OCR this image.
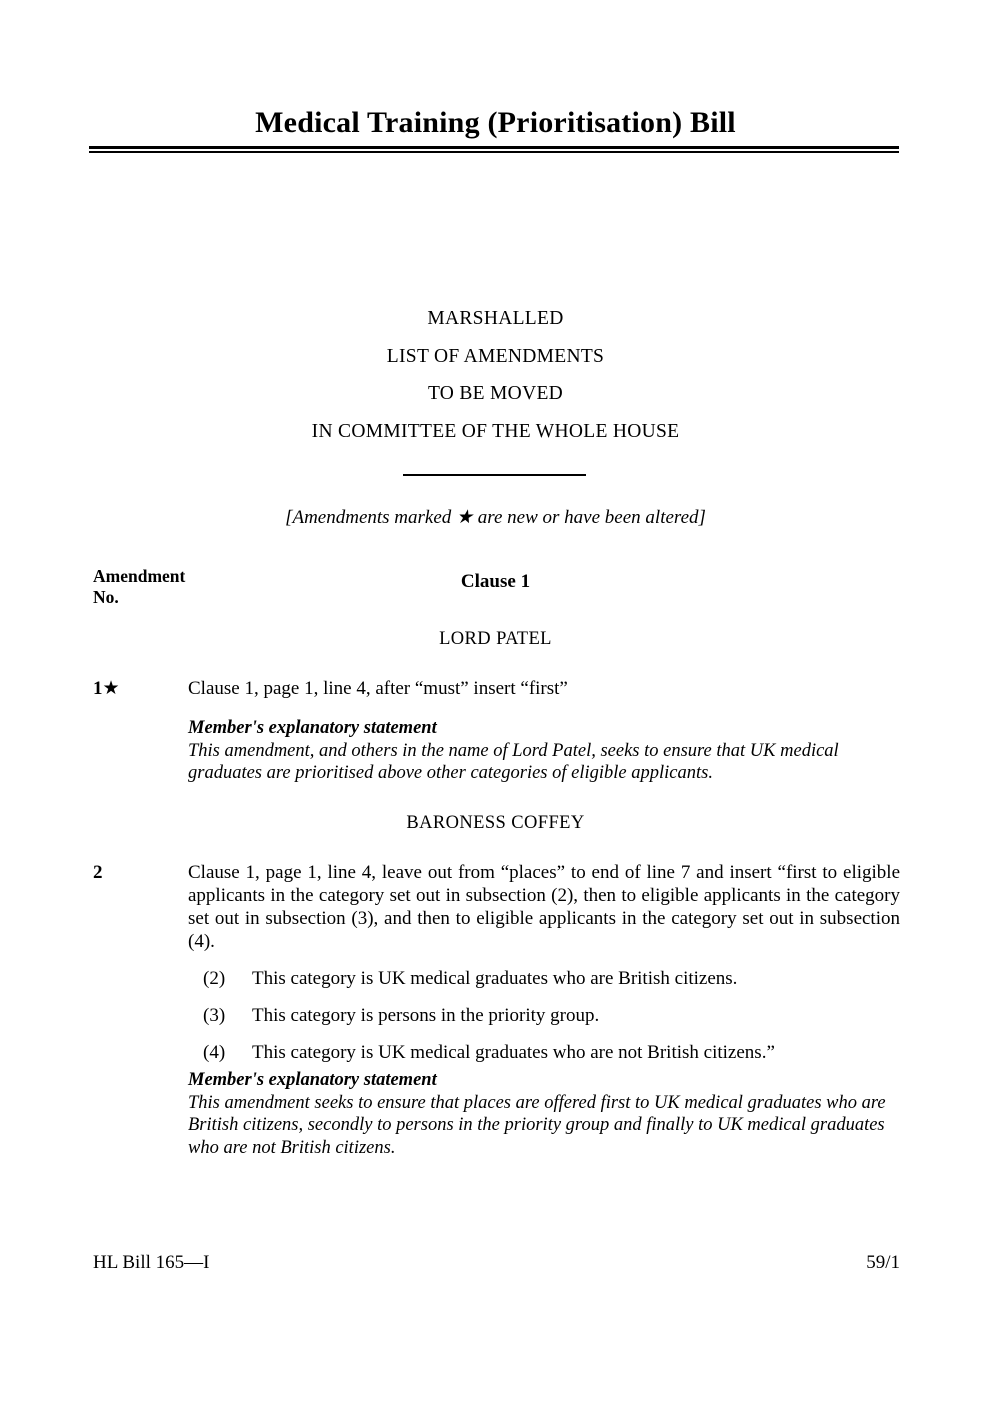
Medical Training (Prioritisation) Bill
MARSHALLED
LIST OF AMENDMENTS
TO BE MOVED
IN COMMITTEE OF THE WHOLE HOUSE
[Amendments marked ★ are new or have been altered]
Amendment No.
Clause 1
LORD PATEL
1★	Clause 1, page 1, line 4, after “must” insert “first”
Member's explanatory statement
This amendment, and others in the name of Lord Patel, seeks to ensure that UK medical graduates are prioritised above other categories of eligible applicants.
BARONESS COFFEY
2	Clause 1, page 1, line 4, leave out from “places” to end of line 7 and insert “first to eligible applicants in the category set out in subsection (2), then to eligible applicants in the category set out in subsection (3), and then to eligible applicants in the category set out in subsection (4).
(2) This category is UK medical graduates who are British citizens.
(3) This category is persons in the priority group.
(4) This category is UK medical graduates who are not British citizens.”
Member's explanatory statement
This amendment seeks to ensure that places are offered first to UK medical graduates who are British citizens, secondly to persons in the priority group and finally to UK medical graduates who are not British citizens.
HL Bill 165—I	59/1
